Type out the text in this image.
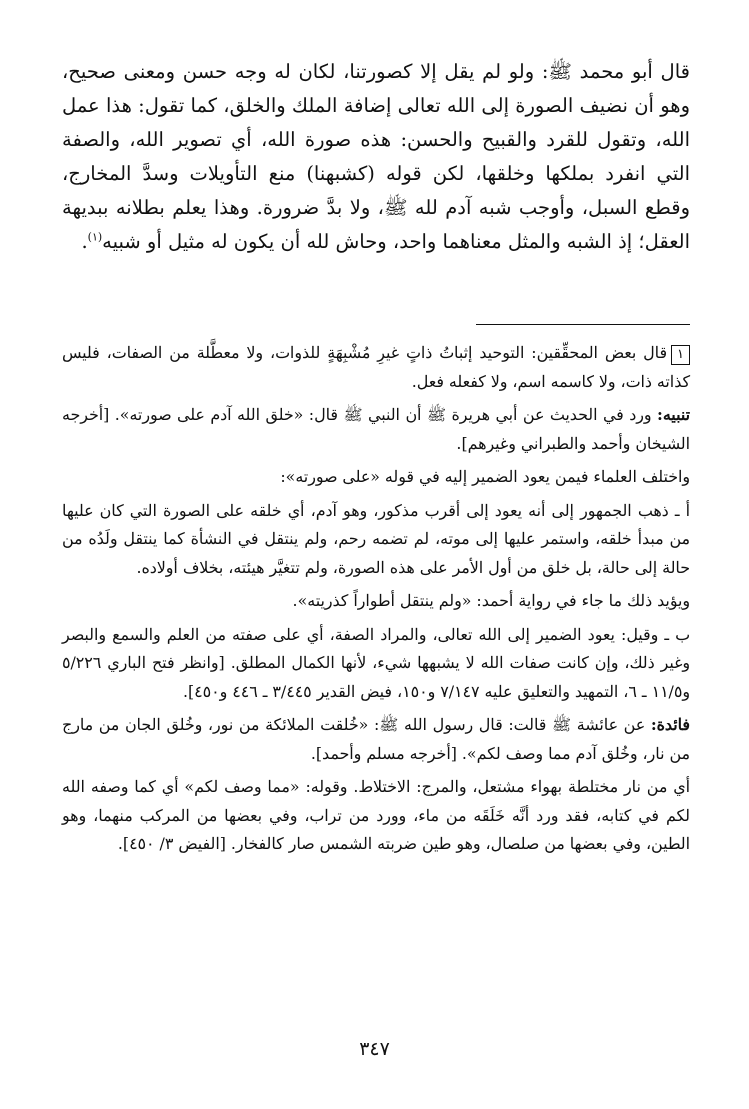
قال أبو محمد ﷺ: ولو لم يقل إلا كصورتنا، لكان له وجه حسن ومعنى صحيح، وهو أن نضيف الصورة إلى الله تعالى إضافة الملك والخلق، كما تقول: هذا عمل الله، وتقول للقرد والقبيح والحسن: هذه صورة الله، أي تصوير الله، والصفة التي انفرد بملكها وخلقها، لكن قوله (كشبهنا) منع التأويلات وسدَّ المخارج، وقطع السبل، وأوجب شبه آدم لله ﷺ، ولا بدَّ ضرورة. وهذا يعلم بطلانه ببديهة العقل؛ إذ الشبه والمثل معناهما واحد، وحاش لله أن يكون له مثيل أو شبيه$^{(١)}$.

١قال بعض المحقِّقين: التوحيد إثباتُ ذاتٍ غيرِ مُشْبِهَةٍ للذوات، ولا معطَّلة من الصفات، فليس كذاته ذات، ولا كاسمه اسم، ولا كفعله فعل.

تنبيه: ورد في الحديث عن أبي هريرة ﷺ أن النبي ﷺ قال: «خلق الله آدم على صورته». [أخرجه الشيخان وأحمد والطبراني وغيرهم].

واختلف العلماء فيمن يعود الضمير إليه في قوله «على صورته»:

أ ـ ذهب الجمهور إلى أنه يعود إلى أقرب مذكور، وهو آدم، أي خلقه على الصورة التي كان عليها من مبدأ خلقه، واستمر عليها إلى موته، لم تضمه رحم، ولم ينتقل في النشأة كما ينتقل ولَدُه من حالة إلى حالة، بل خلق من أول الأمر على هذه الصورة، ولم تتغيَّر هيئته، بخلاف أولاده.

ويؤيد ذلك ما جاء في رواية أحمد: «ولم ينتقل أطواراً كذريته».

ب ـ وقيل: يعود الضمير إلى الله تعالى، والمراد الصفة، أي على صفته من العلم والسمع والبصر وغير ذلك، وإن كانت صفات الله لا يشبهها شيء، لأنها الكمال المطلق. [وانظر فتح الباري ٥/٢٢٦ و١١/٥ ـ ٦، التمهيد والتعليق عليه ٧/١٤٧ و١٥٠، فيض القدير ٣/٤٤٥ ـ ٤٤٦ و٤٥٠].

فائدة: عن عائشة ﷺ قالت: قال رسول الله ﷺ: «خُلقت الملائكة من نور، وخُلق الجان من مارج من نار، وخُلق آدم مما وصف لكم». [أخرجه مسلم وأحمد].

أي من نار مختلطة بهواء مشتعل، والمرج: الاختلاط. وقوله: «مما وصف لكم» أي كما وصفه الله لكم في كتابه، فقد ورد أنَّه خَلَقَه من ماء، وورد من تراب، وفي بعضها من المركب منهما، وهو الطين، وفي بعضها من صلصال، وهو طين ضربته الشمس صار كالفخار. [الفيض ٣/ ٤٥٠].

٣٤٧
